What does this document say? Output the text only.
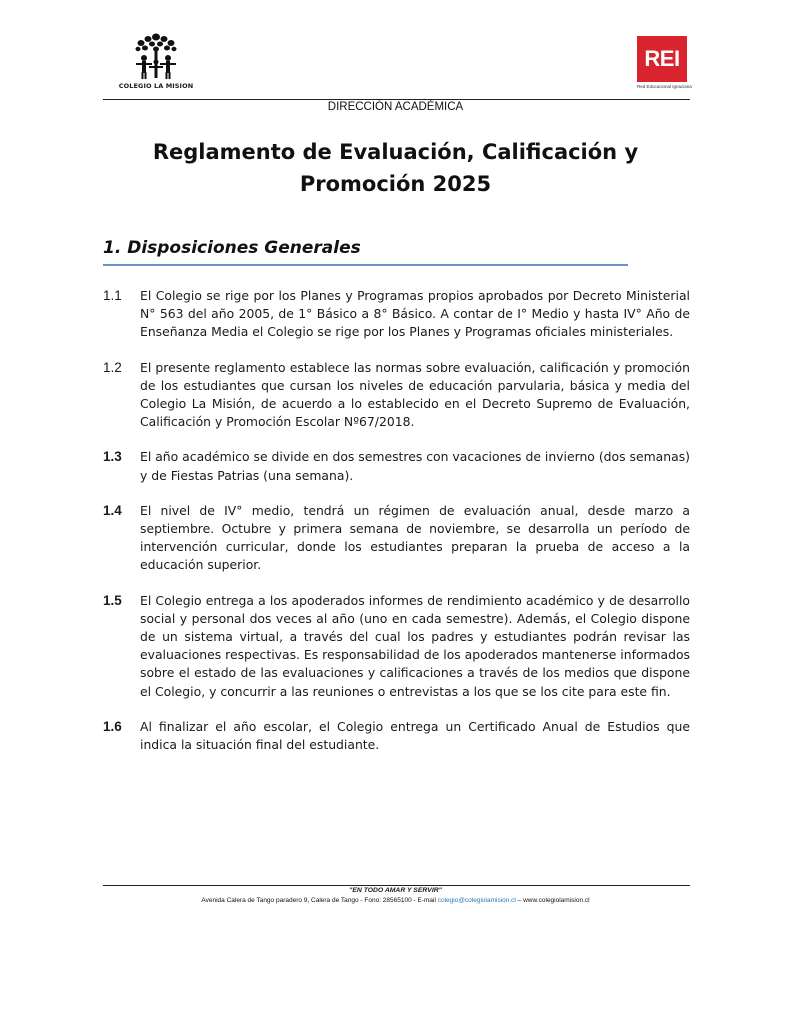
COLEGIO LA MISION
REI
Red Educacional Ignaciana
DIRECCIÓN ACADÉMICA
Reglamento de Evaluación, Calificación y Promoción 2025
1. Disposiciones Generales
1.1	El Colegio se rige por los Planes y Programas propios aprobados por Decreto Ministerial N° 563 del año 2005, de 1° Básico a 8° Básico. A contar de I° Medio y hasta IV° Año de Enseñanza Media el Colegio se rige por los Planes y Programas oficiales ministeriales.
1.2	El presente reglamento establece las normas sobre evaluación, calificación y promoción de los estudiantes que cursan los niveles de educación parvularia, básica y media del Colegio La Misión, de acuerdo a lo establecido en el Decreto Supremo de Evaluación, Calificación y Promoción Escolar Nº67/2018.
1.3	El año académico se divide en dos semestres con vacaciones de invierno (dos semanas) y de Fiestas Patrias (una semana).
1.4	El nivel de IV° medio, tendrá un régimen de evaluación anual, desde marzo a septiembre. Octubre y primera semana de noviembre, se desarrolla un período de intervención curricular, donde los estudiantes preparan la prueba de acceso a la educación superior.
1.5	El Colegio entrega a los apoderados informes de rendimiento académico y de desarrollo social y personal dos veces al año (uno en cada semestre). Además, el Colegio dispone de un sistema virtual, a través del cual los padres y estudiantes podrán revisar las evaluaciones respectivas. Es responsabilidad de los apoderados mantenerse informados sobre el estado de las evaluaciones y calificaciones a través de los medios que dispone el Colegio, y concurrir a las reuniones o entrevistas a los que se los cite para este fin.
1.6	Al finalizar el año escolar, el Colegio entrega un Certificado Anual de Estudios que indica la situación final del estudiante.
"EN TODO AMAR Y SERVIR"
Avenida Calera de Tango paradero 9, Calera de Tango - Fono: 28565100 - E-mail colegio@colegiolamision.cl – www.colegiolamision.cl
